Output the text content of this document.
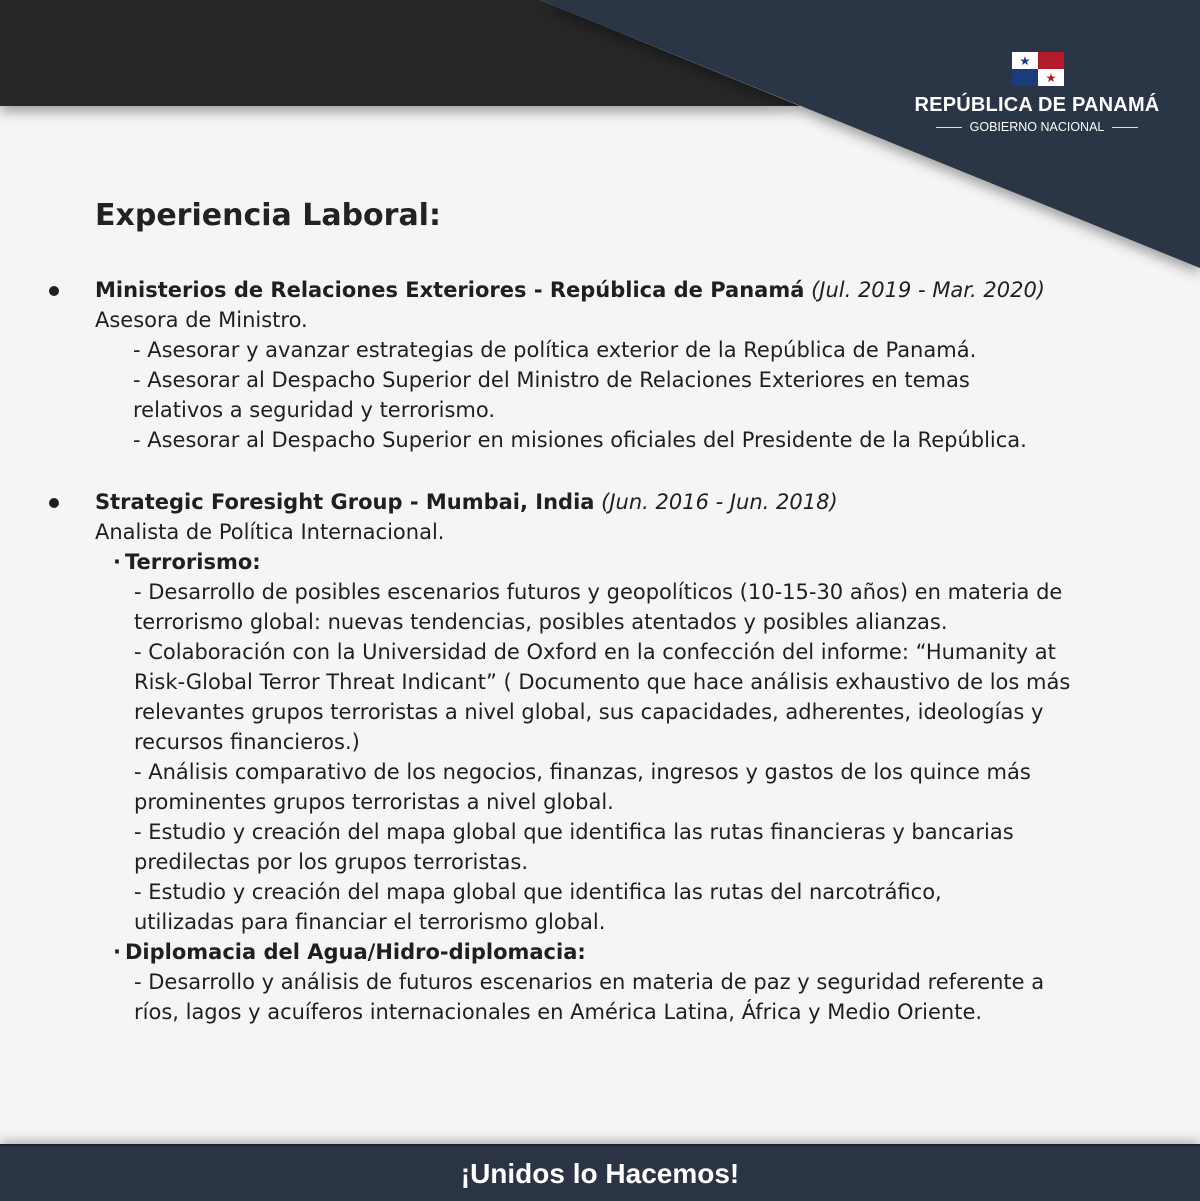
REPÚBLICA DE PANAMÁ
GOBIERNO NACIONAL
Experiencia Laboral:
Ministerios de Relaciones Exteriores - República de Panamá (Jul. 2019 - Mar. 2020)
Asesora de Ministro.
- Asesorar y avanzar estrategias de política exterior de la República de Panamá.
- Asesorar al Despacho Superior del Ministro de Relaciones Exteriores en temas relativos a seguridad y terrorismo.
- Asesorar al Despacho Superior en misiones oficiales del Presidente de la República.
Strategic Foresight Group - Mumbai, India (Jun. 2016 - Jun. 2018)
Analista de Política Internacional.
· Terrorismo:
- Desarrollo de posibles escenarios futuros y geopolíticos (10-15-30 años) en materia de terrorismo global: nuevas tendencias, posibles atentados y posibles alianzas.
- Colaboración con la Universidad de Oxford en la confección del informe: “Humanity at Risk-Global Terror Threat Indicant” ( Documento que hace análisis exhaustivo de los más relevantes grupos terroristas a nivel global, sus capacidades, adherentes, ideologías y recursos financieros.)
- Análisis comparativo de los negocios, finanzas, ingresos y gastos de los quince más prominentes grupos terroristas a nivel global.
- Estudio y creación del mapa global que identifica las rutas financieras y bancarias predilectas por los grupos terroristas.
- Estudio y creación del mapa global que identifica las rutas del narcotráfico, utilizadas para financiar el terrorismo global.
· Diplomacia del Agua/Hidro-diplomacia:
- Desarrollo y análisis de futuros escenarios en materia de paz y seguridad referente a ríos, lagos y acuíferos internacionales en América Latina, África y Medio Oriente.
¡Unidos lo Hacemos!
